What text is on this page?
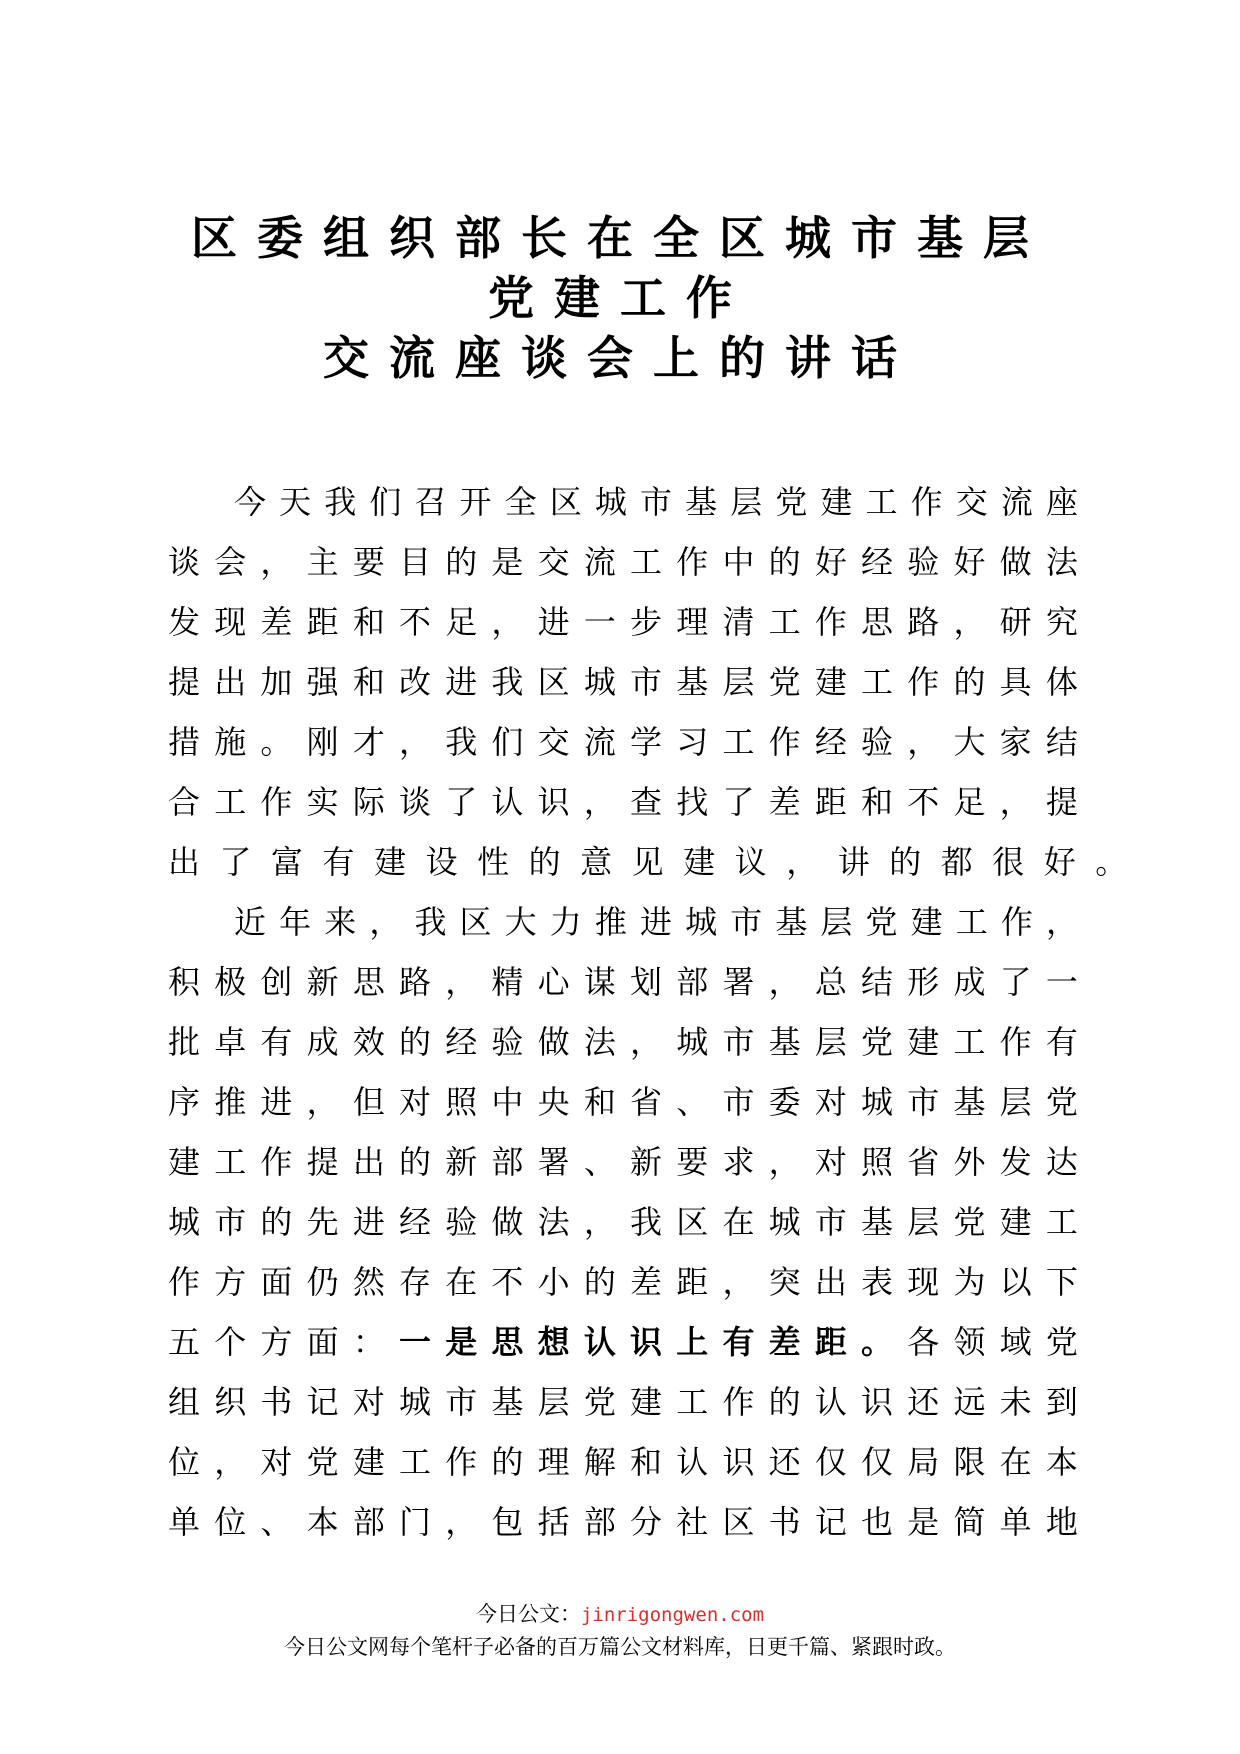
区委组织部长在全区城市基层
党建工作
交流座谈会上的讲话
今 天 我 们 召 开 全 区 城 市 基 层 党 建 工 作 交 流 座
谈 会 ， 主 要 目 的 是 交 流 工 作 中 的 好 经 验 好 做 法
发 现 差 距 和 不 足 ， 进 一 步 理 清 工 作 思 路 ， 研 究
提 出 加 强 和 改 进 我 区 城 市 基 层 党 建 工 作 的 具 体
措 施 。 刚 才 ， 我 们 交 流 学 习 工 作 经 验 ， 大 家 结
合 工 作 实 际 谈 了 认 识 ， 查 找 了 差 距 和 不 足 ， 提
出 了 富 有 建 设 性 的 意 见 建 议 ， 讲 的 都 很 好 。
近 年 来 ， 我 区 大 力 推 进 城 市 基 层 党 建 工 作 ，
积 极 创 新 思 路 ， 精 心 谋 划 部 署 ， 总 结 形 成 了 一
批 卓 有 成 效 的 经 验 做 法 ， 城 市 基 层 党 建 工 作 有
序 推 进 ， 但 对 照 中 央 和 省 、 市 委 对 城 市 基 层 党
建 工 作 提 出 的 新 部 署 、 新 要 求 ， 对 照 省 外 发 达
城 市 的 先 进 经 验 做 法 ， 我 区 在 城 市 基 层 党 建 工
作 方 面 仍 然 存 在 不 小 的 差 距 ， 突 出 表 现 为 以 下
五 个 方 面 ： 一 是 思 想 认 识 上 有 差 距 。 各 领 域 党
组 织 书 记 对 城 市 基 层 党 建 工 作 的 认 识 还 远 未 到
位 ， 对 党 建 工 作 的 理 解 和 认 识 还 仅 仅 局 限 在 本
单 位 、 本 部 门 ， 包 括 部 分 社 区 书 记 也 是 简 单 地
今日公文：jinrigongwen.com
今日公文网每个笔杆子必备的百万篇公文材料库，日更千篇、紧跟时政。
